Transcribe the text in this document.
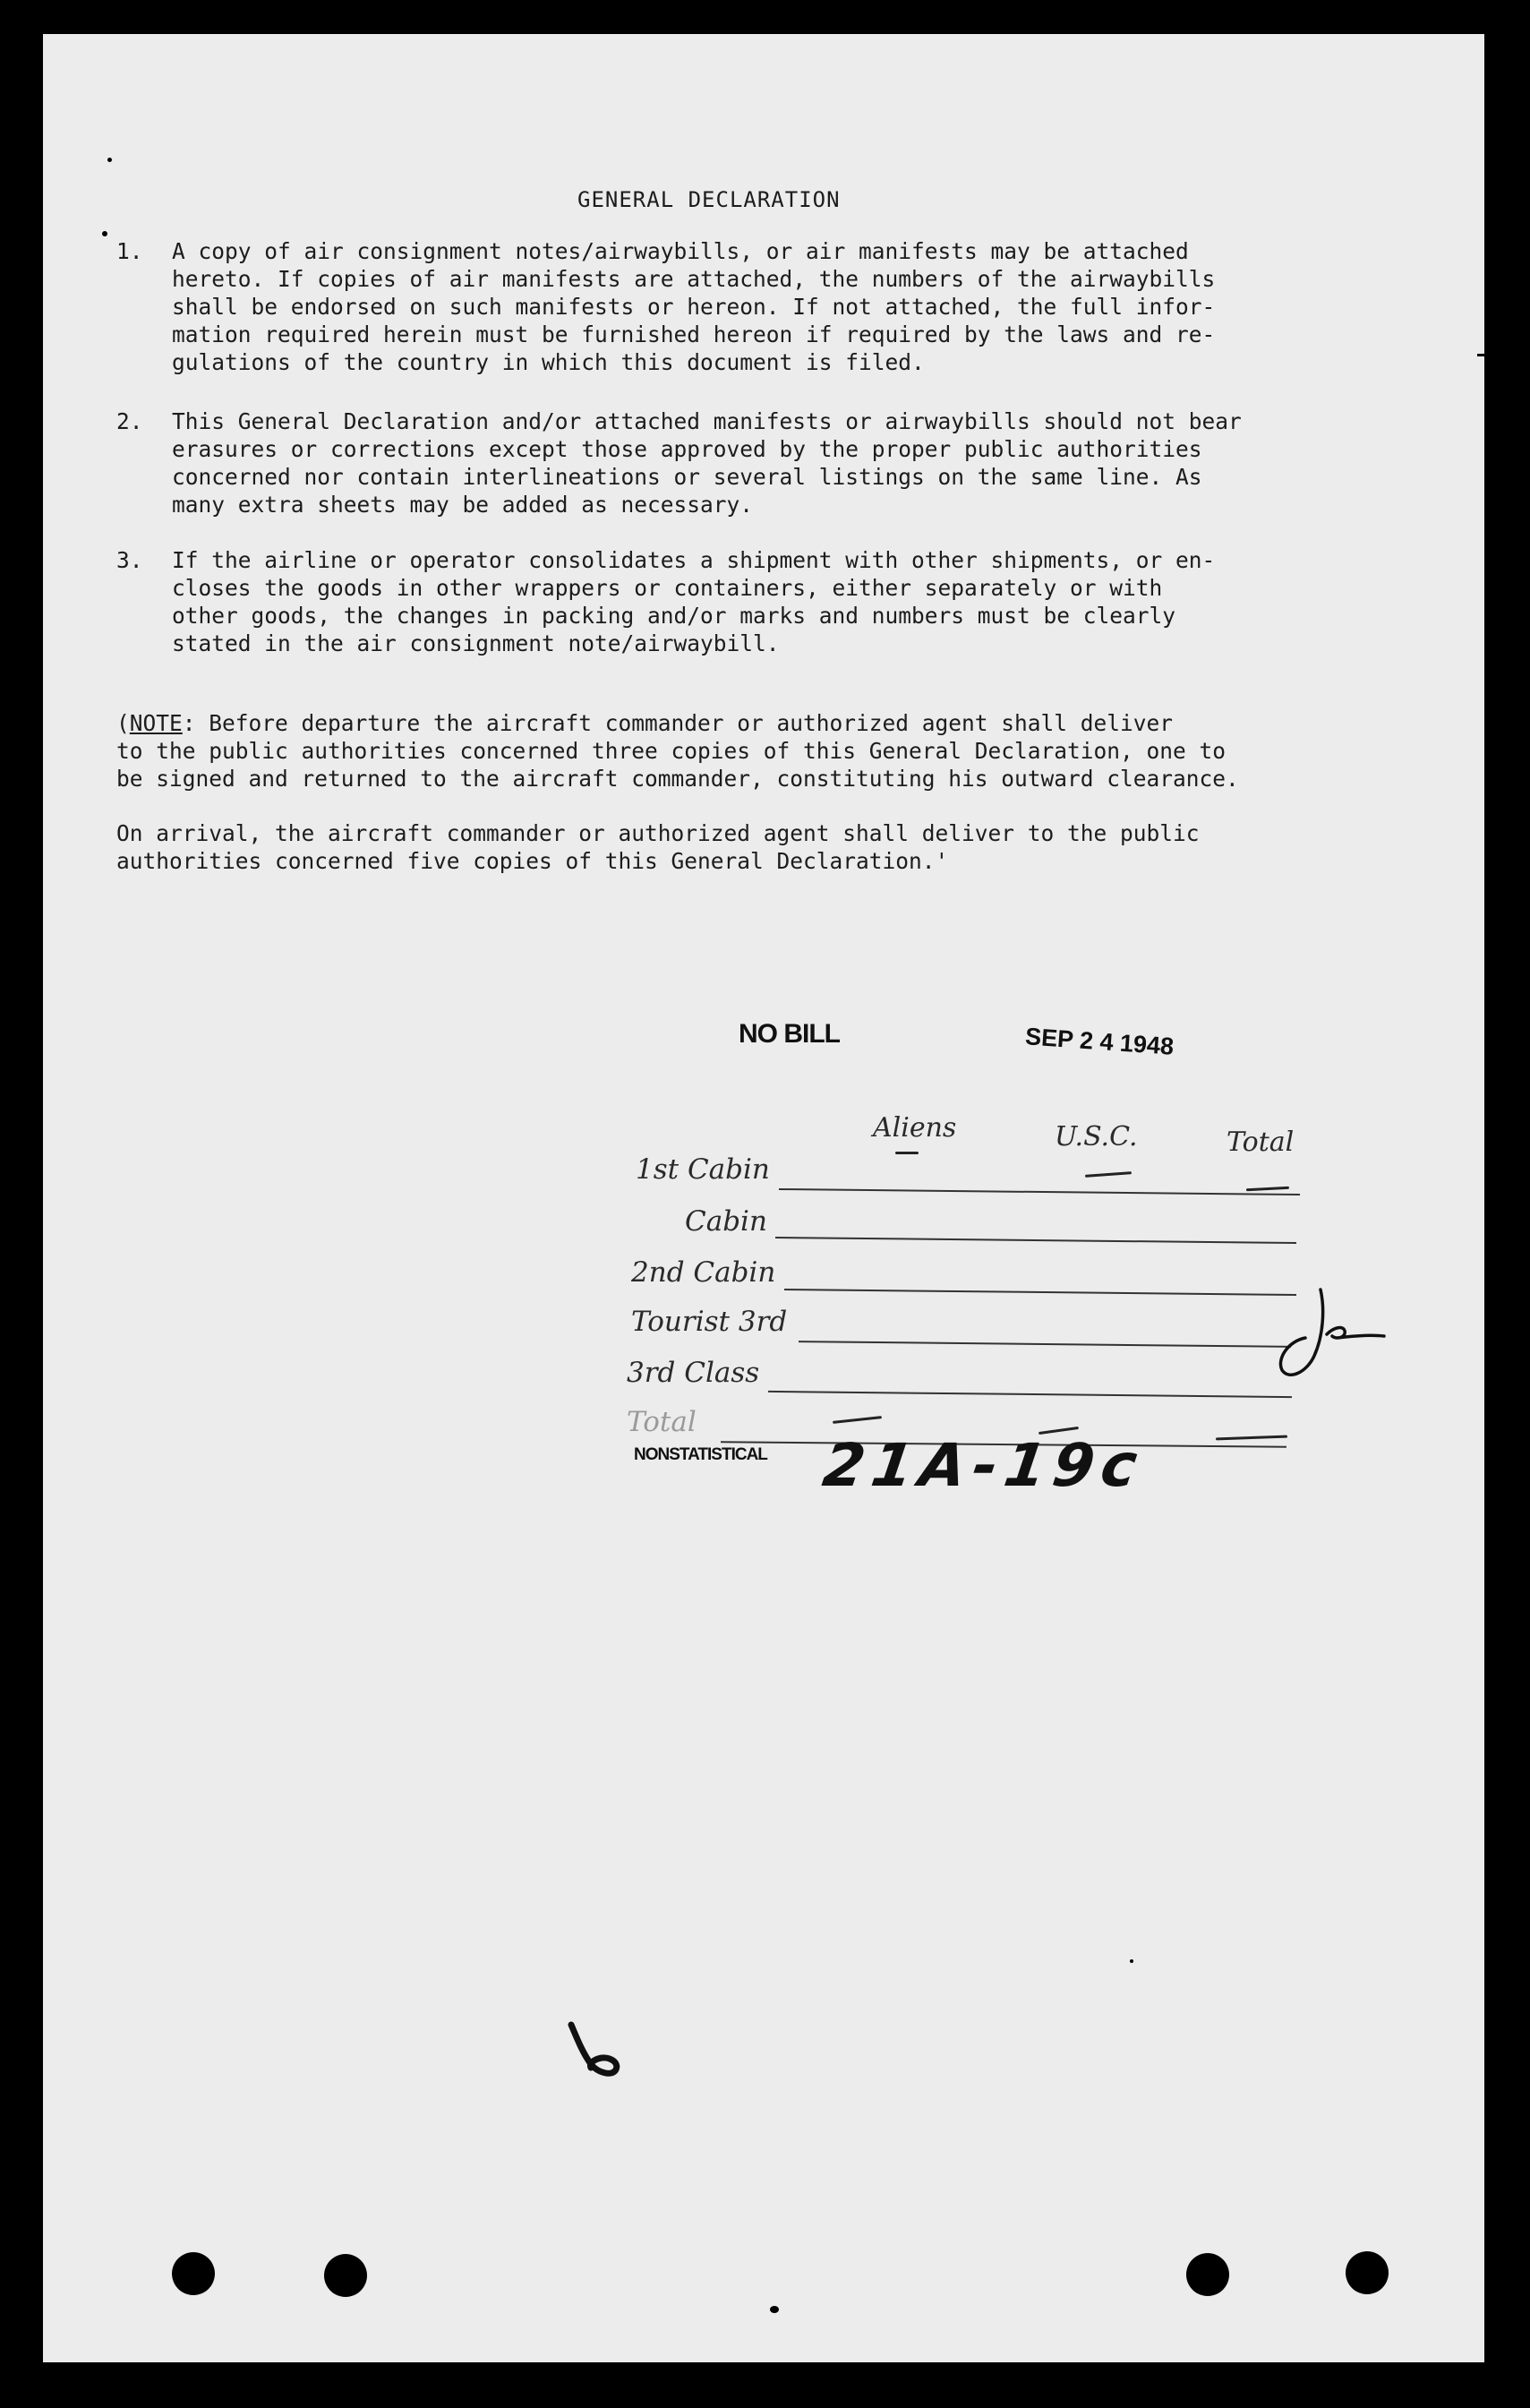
GENERAL DECLARATION
1. A copy of air consignment notes/airwaybills, or air manifests may be attached
hereto. If copies of air manifests are attached, the numbers of the airwaybills
shall be endorsed on such manifests or hereon. If not attached, the full infor-
mation required herein must be furnished hereon if required by the laws and re-
gulations of the country in which this document is filed.
2. This General Declaration and/or attached manifests or airwaybills should not bear
erasures or corrections except those approved by the proper public authorities
concerned nor contain interlineations or several listings on the same line. As
many extra sheets may be added as necessary.
3. If the airline or operator consolidates a shipment with other shipments, or en-
closes the goods in other wrappers or containers, either separately or with
other goods, the changes in packing and/or marks and numbers must be clearly
stated in the air consignment note/airwaybill.
(NOTE: Before departure the aircraft commander or authorized agent shall deliver
to the public authorities concerned three copies of this General Declaration, one to
be signed and returned to the aircraft commander, constituting his outward clearance.
On arrival, the aircraft commander or authorized agent shall deliver to the public
authorities concerned five copies of this General Declaration.'
NO BILL	SEP 2 4 1948
Aliens	U.S.C.	Total
1st Cabin
Cabin
2nd Cabin
Tourist 3rd
3rd Class
Total
NONSTATISTICAL 21A-19c
